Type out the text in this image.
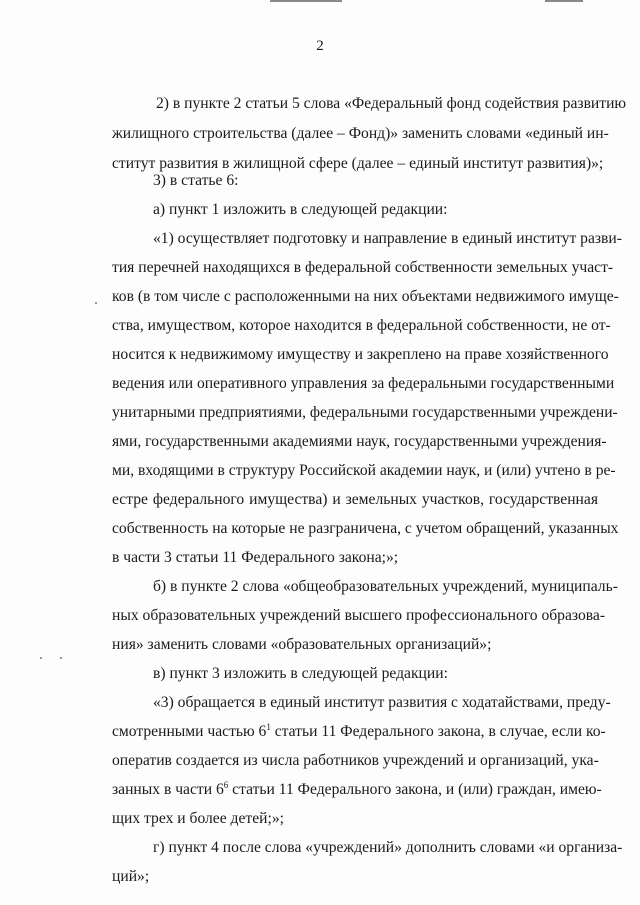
2
2) в пункте 2 статьи 5 слова «Федеральный фонд содействия развитию
жилищного строительства (далее – Фонд)» заменить словами «единый ин-
ститут развития в жилищной сфере (далее – единый институт развития)»;
3) в статье 6:
а) пункт 1 изложить в следующей редакции:
«1) осуществляет подготовку и направление в единый институт разви-
тия перечней находящихся в федеральной собственности земельных участ-
ков (в том числе с расположенными на них объектами недвижимого имуще-
ства, имуществом, которое находится в федеральной собственности, не от-
носится к недвижимому имуществу и закреплено на праве хозяйственного
ведения или оперативного управления за федеральными государственными
унитарными предприятиями, федеральными государственными учреждени-
ями, государственными академиями наук, государственными учреждения-
ми, входящими в структуру Российской академии наук, и (или) учтено в ре-
естре федерального имущества) и земельных участков, государственная
собственность на которые не разграничена, с учетом обращений, указанных
в части 3 статьи 11 Федерального закона;»;
б) в пункте 2 слова «общеобразовательных учреждений, муниципаль-
ных образовательных учреждений высшего профессионального образова-
ния» заменить словами «образовательных организаций»;
в) пункт 3 изложить в следующей редакции:
«3) обращается в единый институт развития с ходатайствами, преду-
смотренными частью $6^1$ статьи 11 Федерального закона, в случае, если ко-
оператив создается из числа работников учреждений и организаций, ука-
занных в части $6^6$ статьи 11 Федерального закона, и (или) граждан, имею-
щих трех и более детей;»;
г) пункт 4 после слова «учреждений» дополнить словами «и организа-
ций»;
